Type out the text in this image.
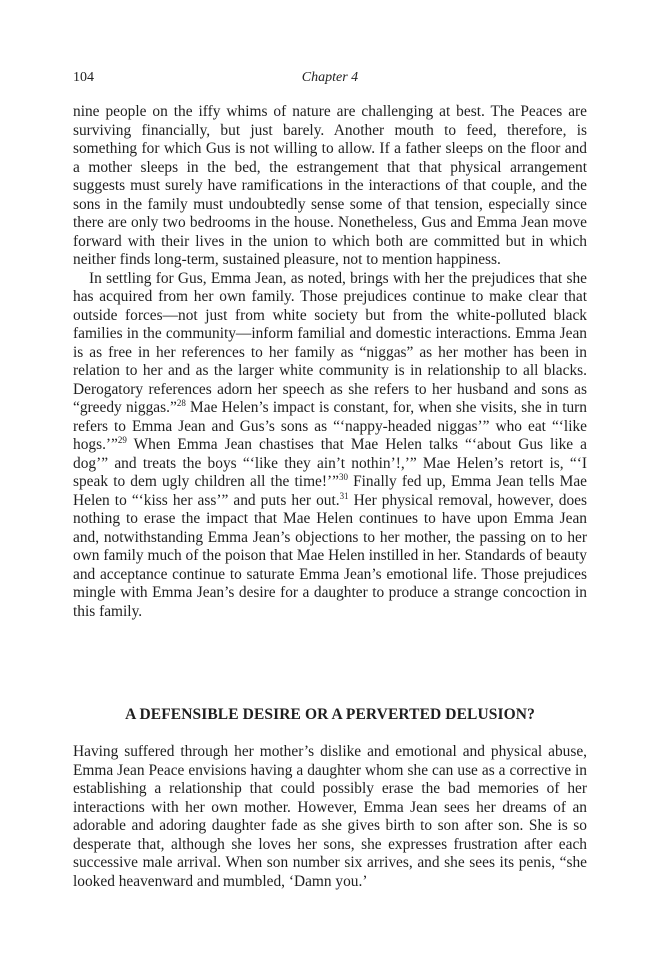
104	Chapter 4

nine people on the iffy whims of nature are challenging at best. The Peaces are surviving financially, but just barely. Another mouth to feed, therefore, is something for which Gus is not willing to allow. If a father sleeps on the floor and a mother sleeps in the bed, the estrangement that that physical arrangement suggests must surely have ramifications in the interactions of that couple, and the sons in the family must undoubtedly sense some of that tension, especially since there are only two bedrooms in the house. Nonetheless, Gus and Emma Jean move forward with their lives in the union to which both are committed but in which neither finds long-term, sustained pleasure, not to mention happiness.

In settling for Gus, Emma Jean, as noted, brings with her the prejudices that she has acquired from her own family. Those prejudices continue to make clear that outside forces—not just from white society but from the white-polluted black families in the community—inform familial and domestic interactions. Emma Jean is as free in her references to her family as “niggas” as her mother has been in relation to her and as the larger white community is in relationship to all blacks. Derogatory references adorn her speech as she refers to her husband and sons as “greedy niggas.”$^{28}$ Mae Helen’s impact is constant, for, when she visits, she in turn refers to Emma Jean and Gus’s sons as “‘nappy-headed niggas’” who eat “‘like hogs.’”$^{29}$ When Emma Jean chastises that Mae Helen talks “‘about Gus like a dog’” and treats the boys “‘like they ain’t nothin’!,’” Mae Helen’s retort is, “‘I speak to dem ugly children all the time!’”$^{30}$ Finally fed up, Emma Jean tells Mae Helen to “‘kiss her ass’” and puts her out.$^{31}$ Her physical removal, however, does nothing to erase the impact that Mae Helen continues to have upon Emma Jean and, notwithstanding Emma Jean’s objections to her mother, the passing on to her own family much of the poison that Mae Helen instilled in her. Standards of beauty and acceptance continue to saturate Emma Jean’s emotional life. Those prejudices mingle with Emma Jean’s desire for a daughter to produce a strange concoction in this family.

A DEFENSIBLE DESIRE OR A PERVERTED DELUSION?

Having suffered through her mother’s dislike and emotional and physical abuse, Emma Jean Peace envisions having a daughter whom she can use as a corrective in establishing a relationship that could possibly erase the bad memories of her interactions with her own mother. However, Emma Jean sees her dreams of an adorable and adoring daughter fade as she gives birth to son after son. She is so desperate that, although she loves her sons, she expresses frustration after each successive male arrival. When son number six arrives, and she sees its penis, “she looked heavenward and mumbled, ‘Damn you.’
